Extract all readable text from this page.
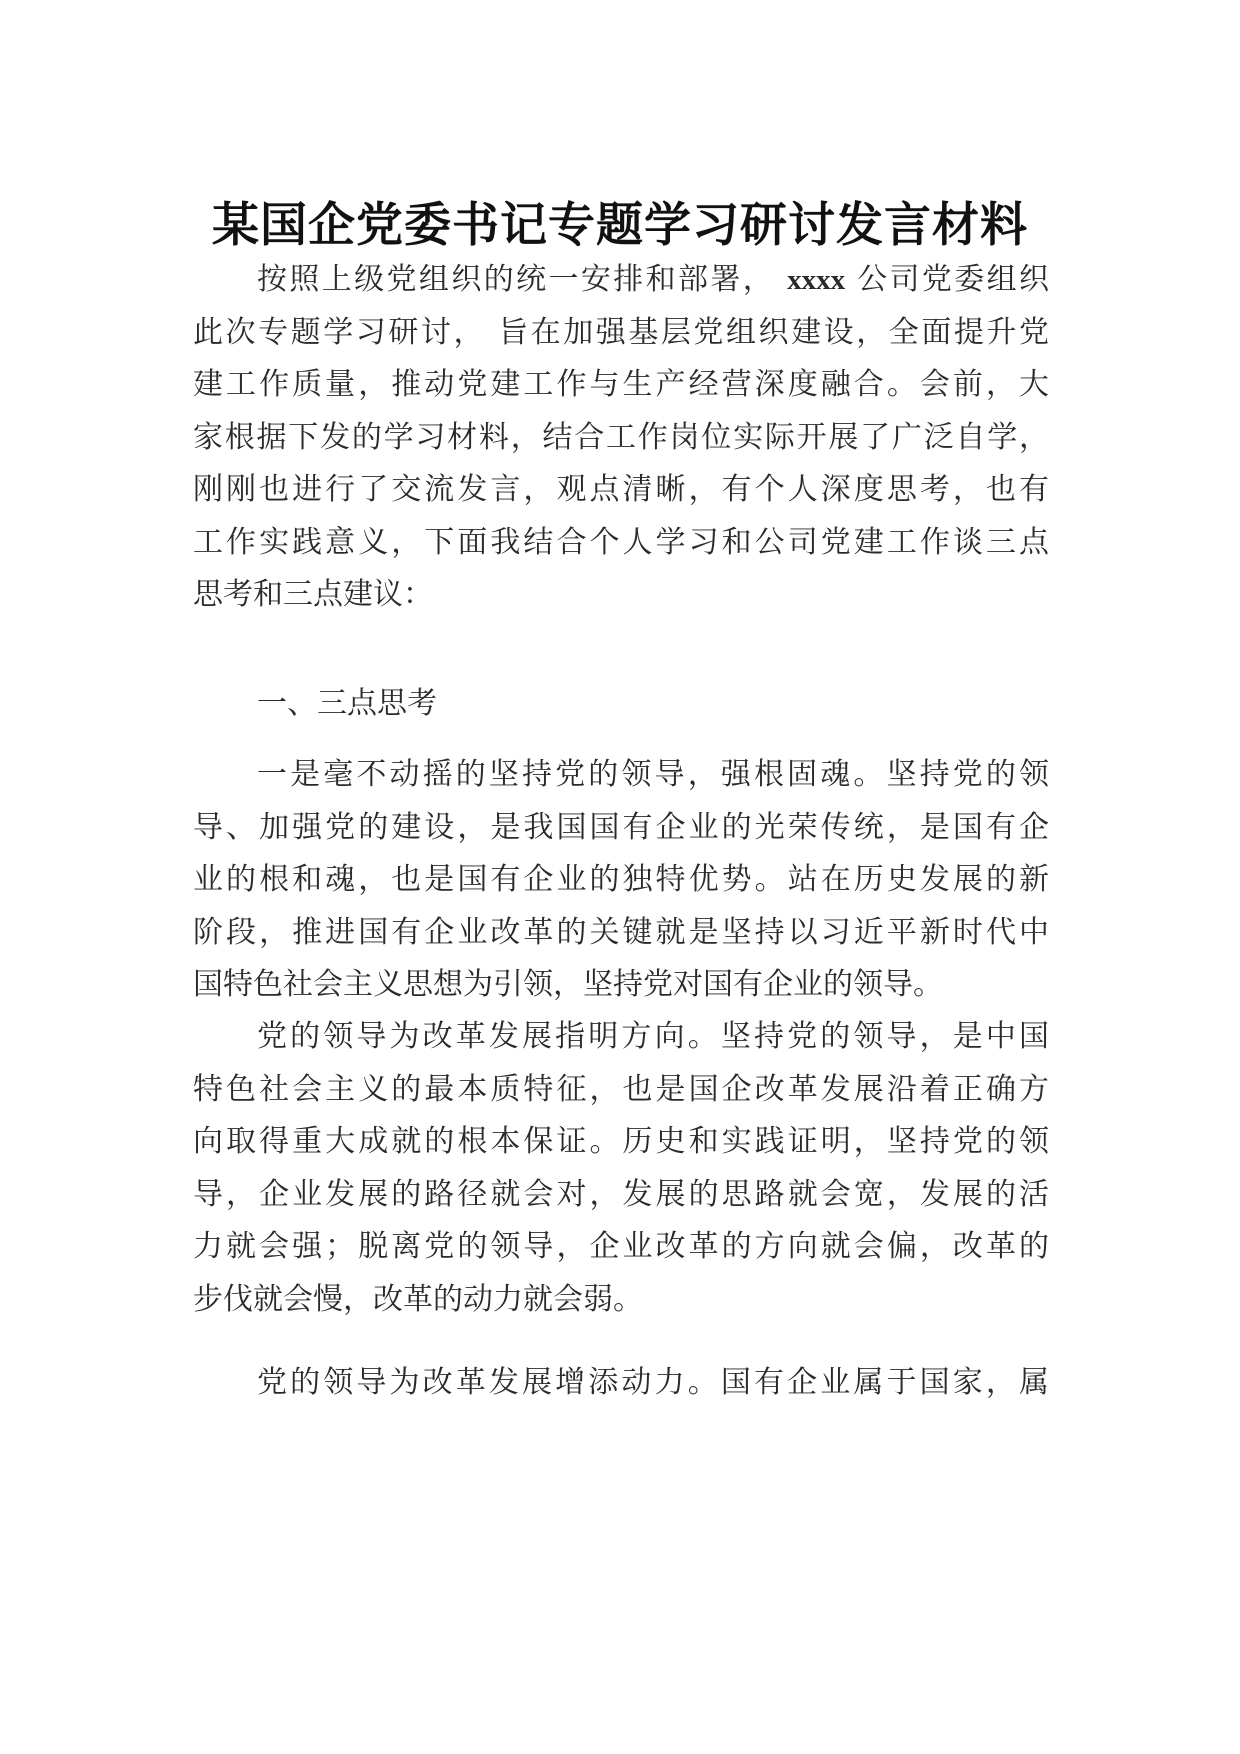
某国企党委书记专题学习研讨发言材料
按照上级党组织的统一安排和部署， xxxx 公司党委组织
此次专题学习研讨， 旨在加强基层党组织建设，全面提升党
建工作质量，推动党建工作与生产经营深度融合。会前，大
家根据下发的学习材料，结合工作岗位实际开展了广泛自学，
刚刚也进行了交流发言，观点清晰，有个人深度思考，也有
工作实践意义，下面我结合个人学习和公司党建工作谈三点
思考和三点建议：
一、三点思考
一是毫不动摇的坚持党的领导，强根固魂。坚持党的领
导、加强党的建设，是我国国有企业的光荣传统，是国有企
业的根和魂，也是国有企业的独特优势。站在历史发展的新
阶段，推进国有企业改革的关键就是坚持以习近平新时代中
国特色社会主义思想为引领，坚持党对国有企业的领导。
党的领导为改革发展指明方向。坚持党的领导，是中国
特色社会主义的最本质特征，也是国企改革发展沿着正确方
向取得重大成就的根本保证。历史和实践证明，坚持党的领
导，企业发展的路径就会对，发展的思路就会宽，发展的活
力就会强；脱离党的领导，企业改革的方向就会偏，改革的
步伐就会慢，改革的动力就会弱。
党的领导为改革发展增添动力。国有企业属于国家，属
